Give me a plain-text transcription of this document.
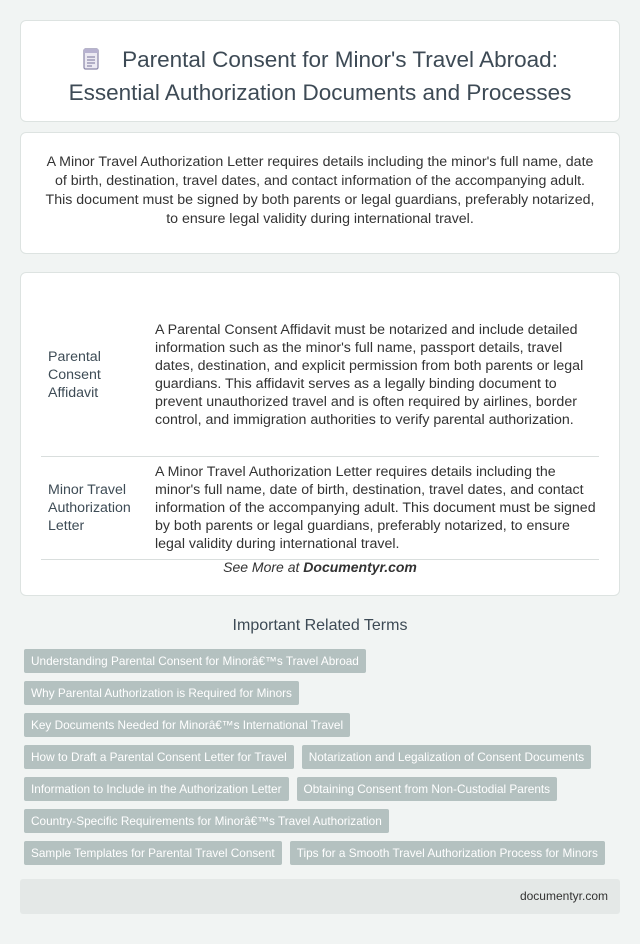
Parental Consent for Minor's Travel Abroad:
Essential Authorization Documents and Processes

A Minor Travel Authorization Letter requires details including the minor's full name, date of birth, destination, travel dates, and contact information of the accompanying adult. This document must be signed by both parents or legal guardians, preferably notarized, to ensure legal validity during international travel.

Parental Consent Affidavit	A Parental Consent Affidavit must be notarized and include detailed information such as the minor's full name, passport details, travel dates, destination, and explicit permission from both parents or legal guardians. This affidavit serves as a legally binding document to prevent unauthorized travel and is often required by airlines, border control, and immigration authorities to verify parental authorization.
Minor Travel Authorization Letter	A Minor Travel Authorization Letter requires details including the minor's full name, date of birth, destination, travel dates, and contact information of the accompanying adult. This document must be signed by both parents or legal guardians, preferably notarized, to ensure legal validity during international travel.
See More at Documentyr.com
Important Related Terms
Understanding Parental Consent for Minorâ€™s Travel Abroad
Why Parental Authorization is Required for Minors
Key Documents Needed for Minorâ€™s International Travel
How to Draft a Parental Consent Letter for Travel	Notarization and Legalization of Consent Documents
Information to Include in the Authorization Letter	Obtaining Consent from Non-Custodial Parents
Country-Specific Requirements for Minorâ€™s Travel Authorization
Sample Templates for Parental Travel Consent	Tips for a Smooth Travel Authorization Process for Minors
documentyr.com
